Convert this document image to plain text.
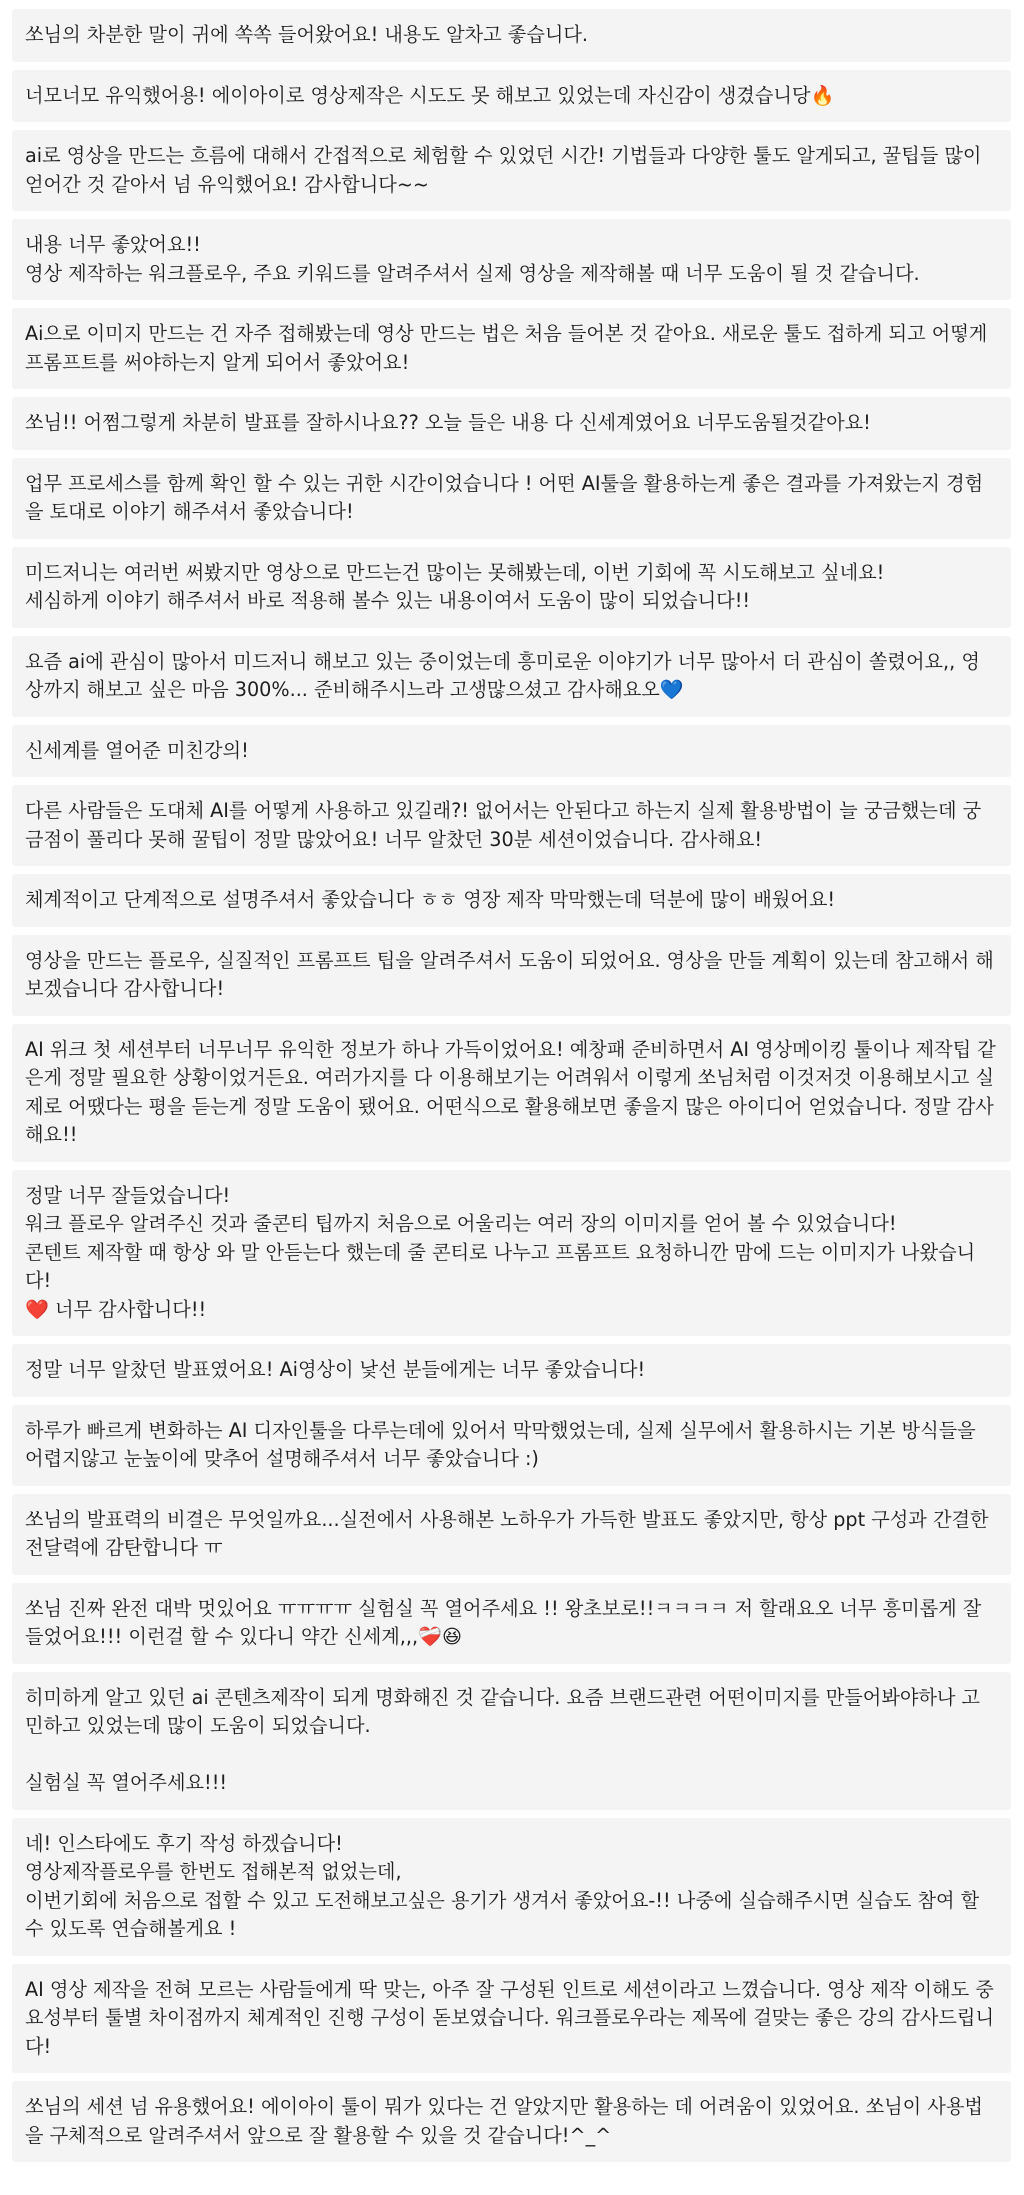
쏘님의 차분한 말이 귀에 쏙쏙 들어왔어요! 내용도 알차고 좋습니다.
너모너모 유익했어용! 에이아이로 영상제작은 시도도 못 해보고 있었는데 자신감이 생겼습니당🔥
ai로 영상을 만드는 흐름에 대해서 간접적으로 체험할 수 있었던 시간! 기법들과 다양한 툴도 알게되고, 꿀팁들 많이 얻어간 것 같아서 넘 유익했어요! 감사합니다~~
내용 너무 좋았어요!!
영상 제작하는 워크플로우, 주요 키워드를 알려주셔서 실제 영상을 제작해볼 때 너무 도움이 될 것 같습니다.
Ai으로 이미지 만드는 건 자주 접해봤는데 영상 만드는 법은 처음 들어본 것 같아요. 새로운 툴도 접하게 되고 어떻게 프롬프트를 써야하는지 알게 되어서 좋았어요!
쏘님!! 어쩜그렇게 차분히 발표를 잘하시나요?? 오늘 들은 내용 다 신세계였어요 너무도움될것같아요!
업무 프로세스를 함께 확인 할 수 있는 귀한 시간이었습니다 ! 어떤 AI툴을 활용하는게 좋은 결과를 가져왔는지 경험을 토대로 이야기 해주셔서 좋았습니다!
미드저니는 여러번 써봤지만 영상으로 만드는건 많이는 못해봤는데, 이번 기회에 꼭 시도해보고 싶네요!
세심하게 이야기 해주셔서 바로 적용해 볼수 있는 내용이여서 도움이 많이 되었습니다!!
요즘 ai에 관심이 많아서 미드저니 해보고 있는 중이었는데 흥미로운 이야기가 너무 많아서 더 관심이 쏠렸어요,, 영상까지 해보고 싶은 마음 300%... 준비해주시느라 고생많으셨고 감사해요오💙
신세계를 열어준 미친강의!
다른 사람들은 도대체 AI를 어떻게 사용하고 있길래?! 없어서는 안된다고 하는지 실제 활용방법이 늘 궁금했는데 궁금점이 풀리다 못해 꿀팁이 정말 많았어요! 너무 알찼던 30분 세션이었습니다. 감사해요!
체계적이고 단계적으로 설명주셔서 좋았습니다 ㅎㅎ 영장 제작 막막했는데 덕분에 많이 배웠어요!
영상을 만드는 플로우, 실질적인 프롬프트 팁을 알려주셔서 도움이 되었어요. 영상을 만들 계획이 있는데 참고해서 해보겠습니다 감사합니다!
AI 위크 첫 세션부터 너무너무 유익한 정보가 하나 가득이었어요! 예창패 준비하면서 AI 영상메이킹 툴이나 제작팁 같은게 정말 필요한 상황이었거든요. 여러가지를 다 이용해보기는 어려워서 이렇게 쏘님처럼 이것저것 이용해보시고 실제로 어땠다는 평을 듣는게 정말 도움이 됐어요. 어떤식으로 활용해보면 좋을지 많은 아이디어 얻었습니다. 정말 감사해요!!
정말 너무 잘들었습니다!
워크 플로우 알려주신 것과 줄콘티 팁까지 처음으로 어울리는 여러 장의 이미지를 얻어 볼 수 있었습니다!
콘텐트 제작할 때 항상 와 말 안듣는다 했는데 줄 콘티로 나누고 프롬프트 요청하니깐 맘에 드는 이미지가 나왔습니다!
❤️ 너무 감사합니다!!
정말 너무 알찼던 발표였어요! Ai영상이 낯선 분들에게는 너무 좋았습니다!
하루가 빠르게 변화하는 AI 디자인툴을 다루는데에 있어서 막막했었는데, 실제 실무에서 활용하시는 기본 방식들을 어렵지않고 눈높이에 맞추어 설명해주셔서 너무 좋았습니다 :)
쏘님의 발표력의 비결은 무엇일까요...실전에서 사용해본 노하우가 가득한 발표도 좋았지만, 항상 ppt 구성과 간결한 전달력에 감탄합니다 ㅠ
쏘님 진짜 완전 대박 멋있어요 ㅠㅠㅠㅠ 실험실 꼭 열어주세요 !! 왕초보로!!ㅋㅋㅋㅋ 저 할래요오 너무 흥미롭게 잘들었어요!!! 이런걸 할 수 있다니 약간 신세계,,,❤️‍🩹😆
히미하게 알고 있던 ai 콘텐츠제작이 되게 명화해진 것 같습니다. 요즘 브랜드관련 어떤이미지를 만들어봐야하나 고민하고 있었는데 많이 도움이 되었습니다.

실험실 꼭 열어주세요!!!
네! 인스타에도 후기 작성 하겠습니다!
영상제작플로우를 한번도 접해본적 없었는데,
이번기회에 처음으로 접할 수 있고 도전해보고싶은 용기가 생겨서 좋았어요-!! 나중에 실습해주시면 실습도 참여 할수 있도록 연습해볼게요 !
AI 영상 제작을 전혀 모르는 사람들에게 딱 맞는, 아주 잘 구성된 인트로 세션이라고 느꼈습니다. 영상 제작 이해도 중요성부터 툴별 차이점까지 체계적인 진행 구성이 돋보였습니다. 워크플로우라는 제목에 걸맞는 좋은 강의 감사드립니다!
쏘님의 세션 넘 유용했어요! 에이아이 툴이 뭐가 있다는 건 알았지만 활용하는 데 어려움이 있었어요. 쏘님이 사용법을 구체적으로 알려주셔서 앞으로 잘 활용할 수 있을 것 같습니다!^_^
